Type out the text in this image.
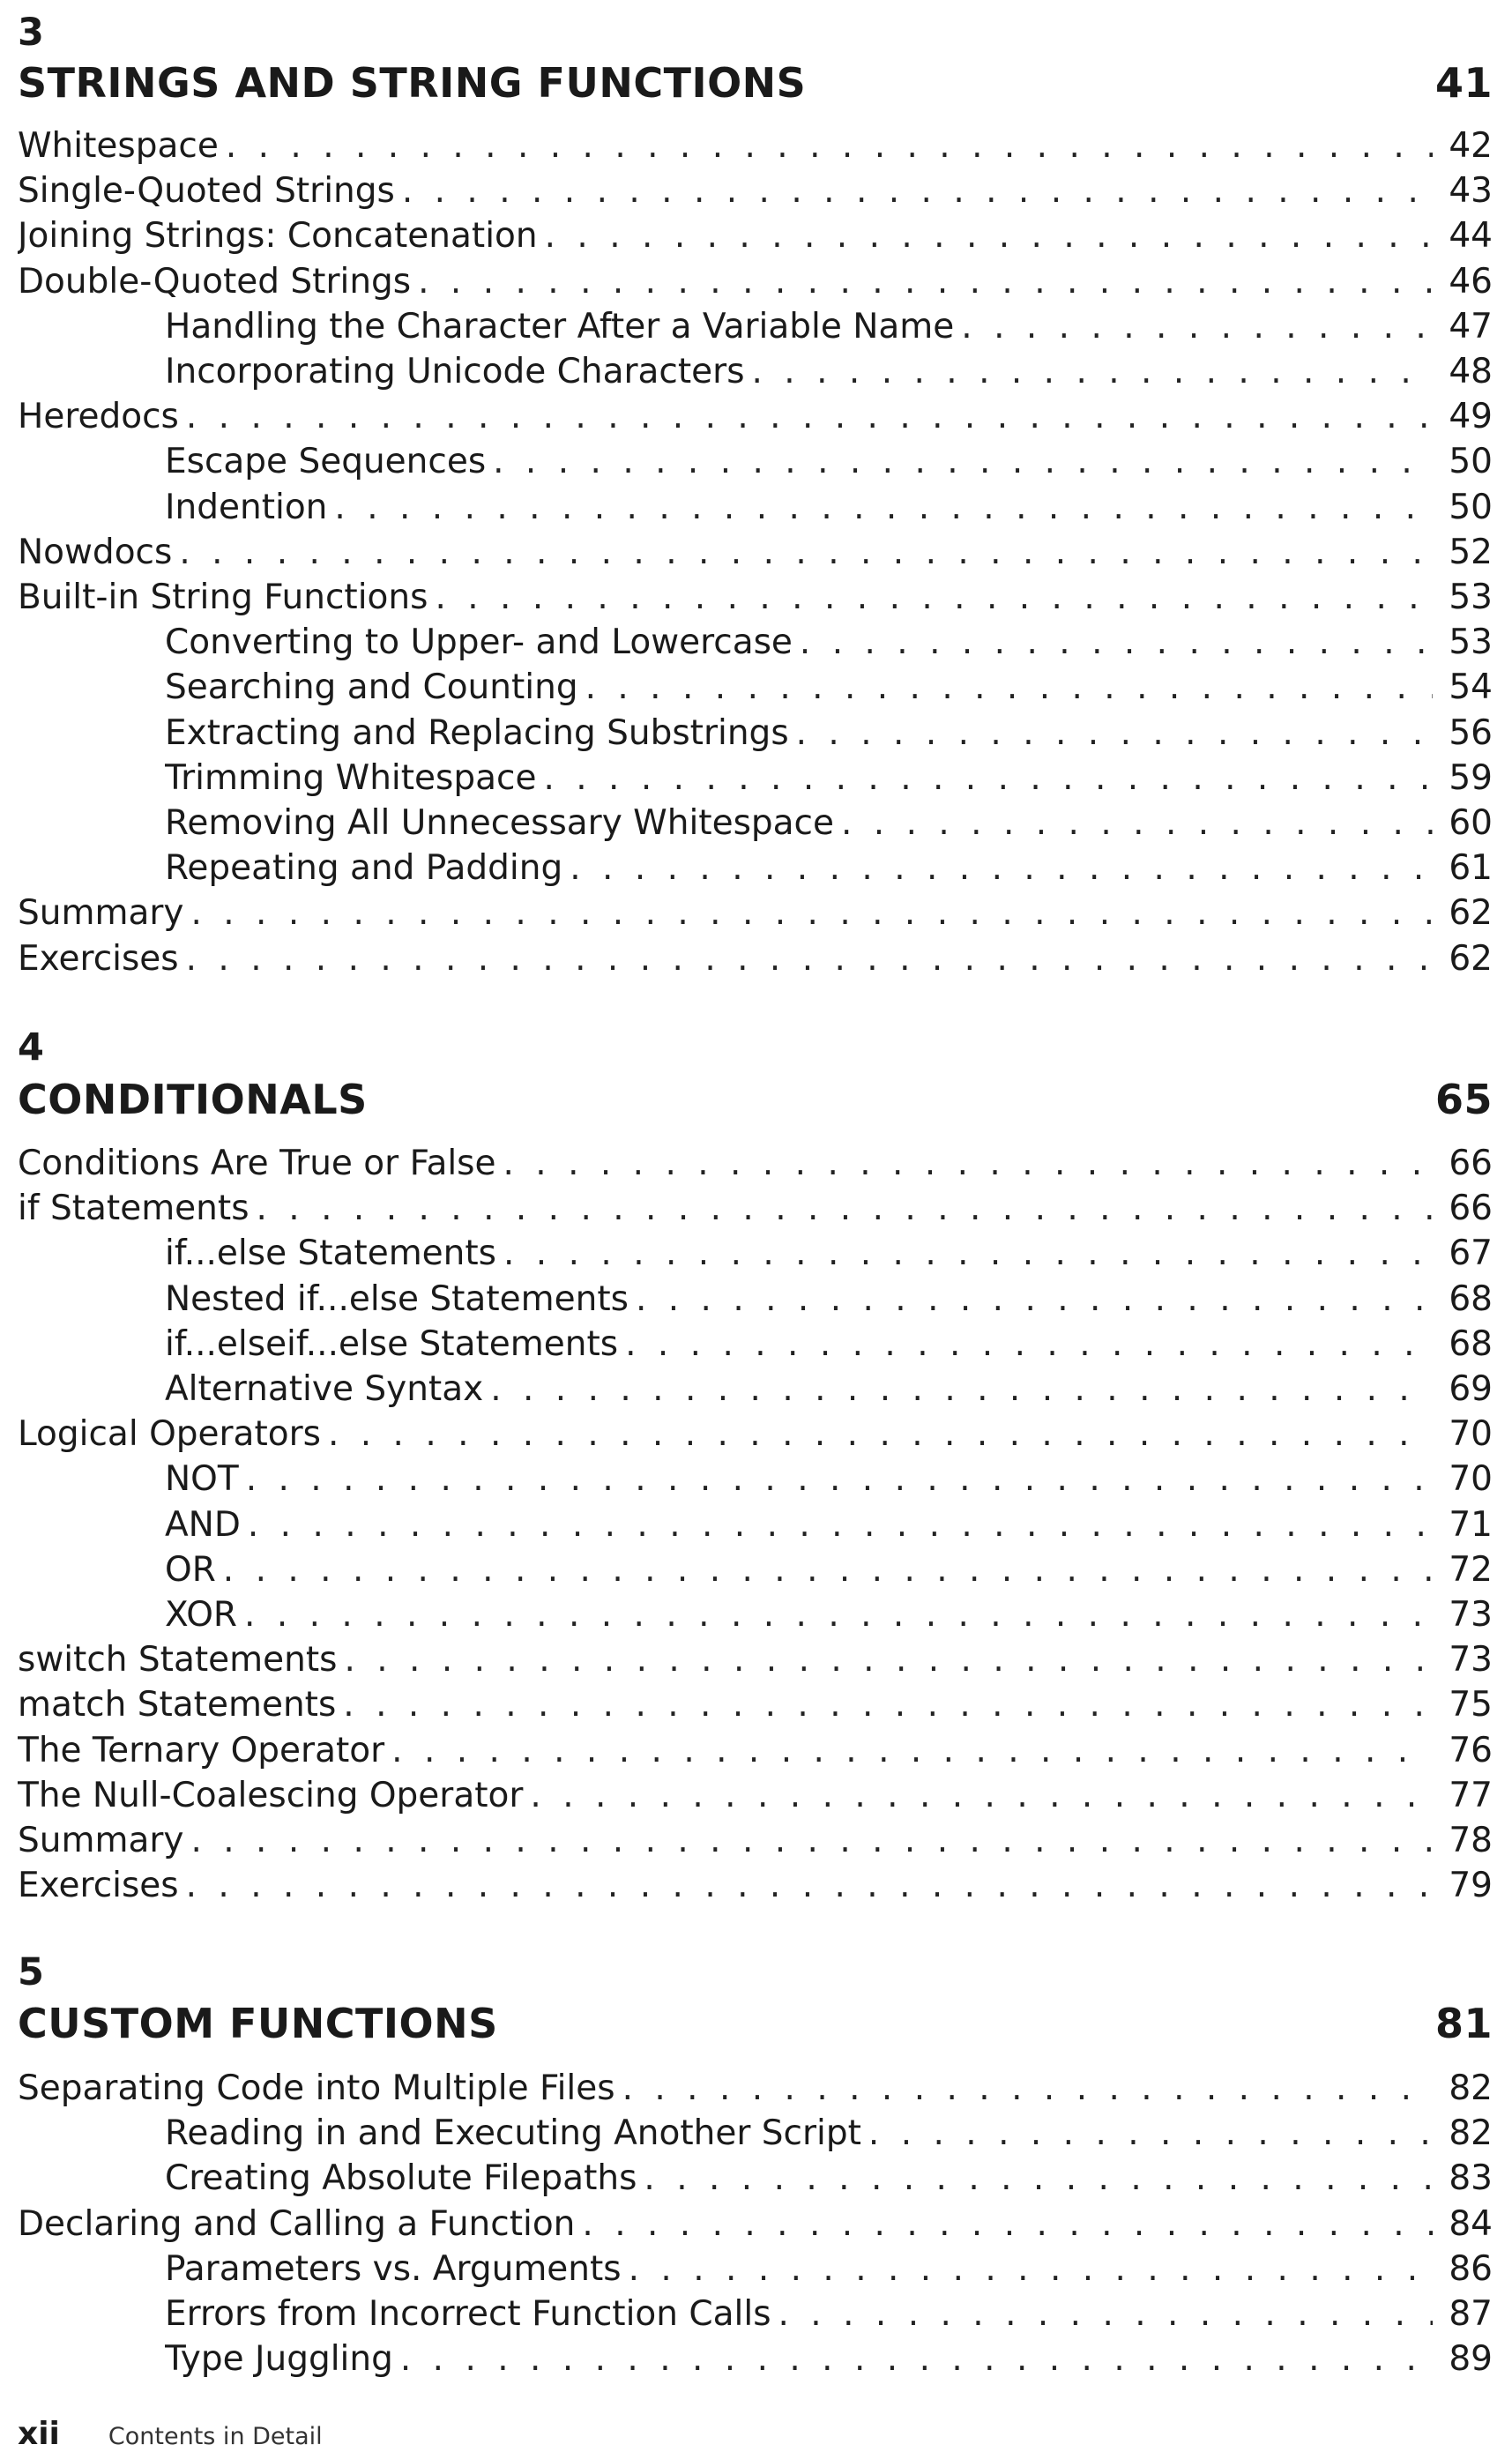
3
STRINGS AND STRING FUNCTIONS	41
Whitespace . . .	42
Single-Quoted Strings . . .	43
Joining Strings: Concatenation . . .	44
Double-Quoted Strings . . .	46
Handling the Character After a Variable Name . . .	47
Incorporating Unicode Characters . . .	48
Heredocs . . .	49
Escape Sequences . . .	50
Indention . . .	50
Nowdocs . . .	52
Built-in String Functions . . .	53
Converting to Upper- and Lowercase . . .	53
Searching and Counting . . .	54
Extracting and Replacing Substrings . . .	56
Trimming Whitespace . . .	59
Removing All Unnecessary Whitespace . . .	60
Repeating and Padding . . .	61
Summary . . .	62
Exercises . . .	62
4
CONDITIONALS	65
Conditions Are True or False . . .	66
if Statements . . .	66
if...else Statements . . .	67
Nested if...else Statements . . .	68
if...elseif...else Statements . . .	68
Alternative Syntax . . .	69
Logical Operators . . .	70
NOT . . .	70
AND . . .	71
OR . . .	72
XOR . . .	73
switch Statements . . .	73
match Statements . . .	75
The Ternary Operator . . .	76
The Null-Coalescing Operator . . .	77
Summary . . .	78
Exercises . . .	79
5
CUSTOM FUNCTIONS	81
Separating Code into Multiple Files . . .	82
Reading in and Executing Another Script . . .	82
Creating Absolute Filepaths . . .	83
Declaring and Calling a Function . . .	84
Parameters vs. Arguments . . .	86
Errors from Incorrect Function Calls . . .	87
Type Juggling . . .	89
xii Contents in Detail
